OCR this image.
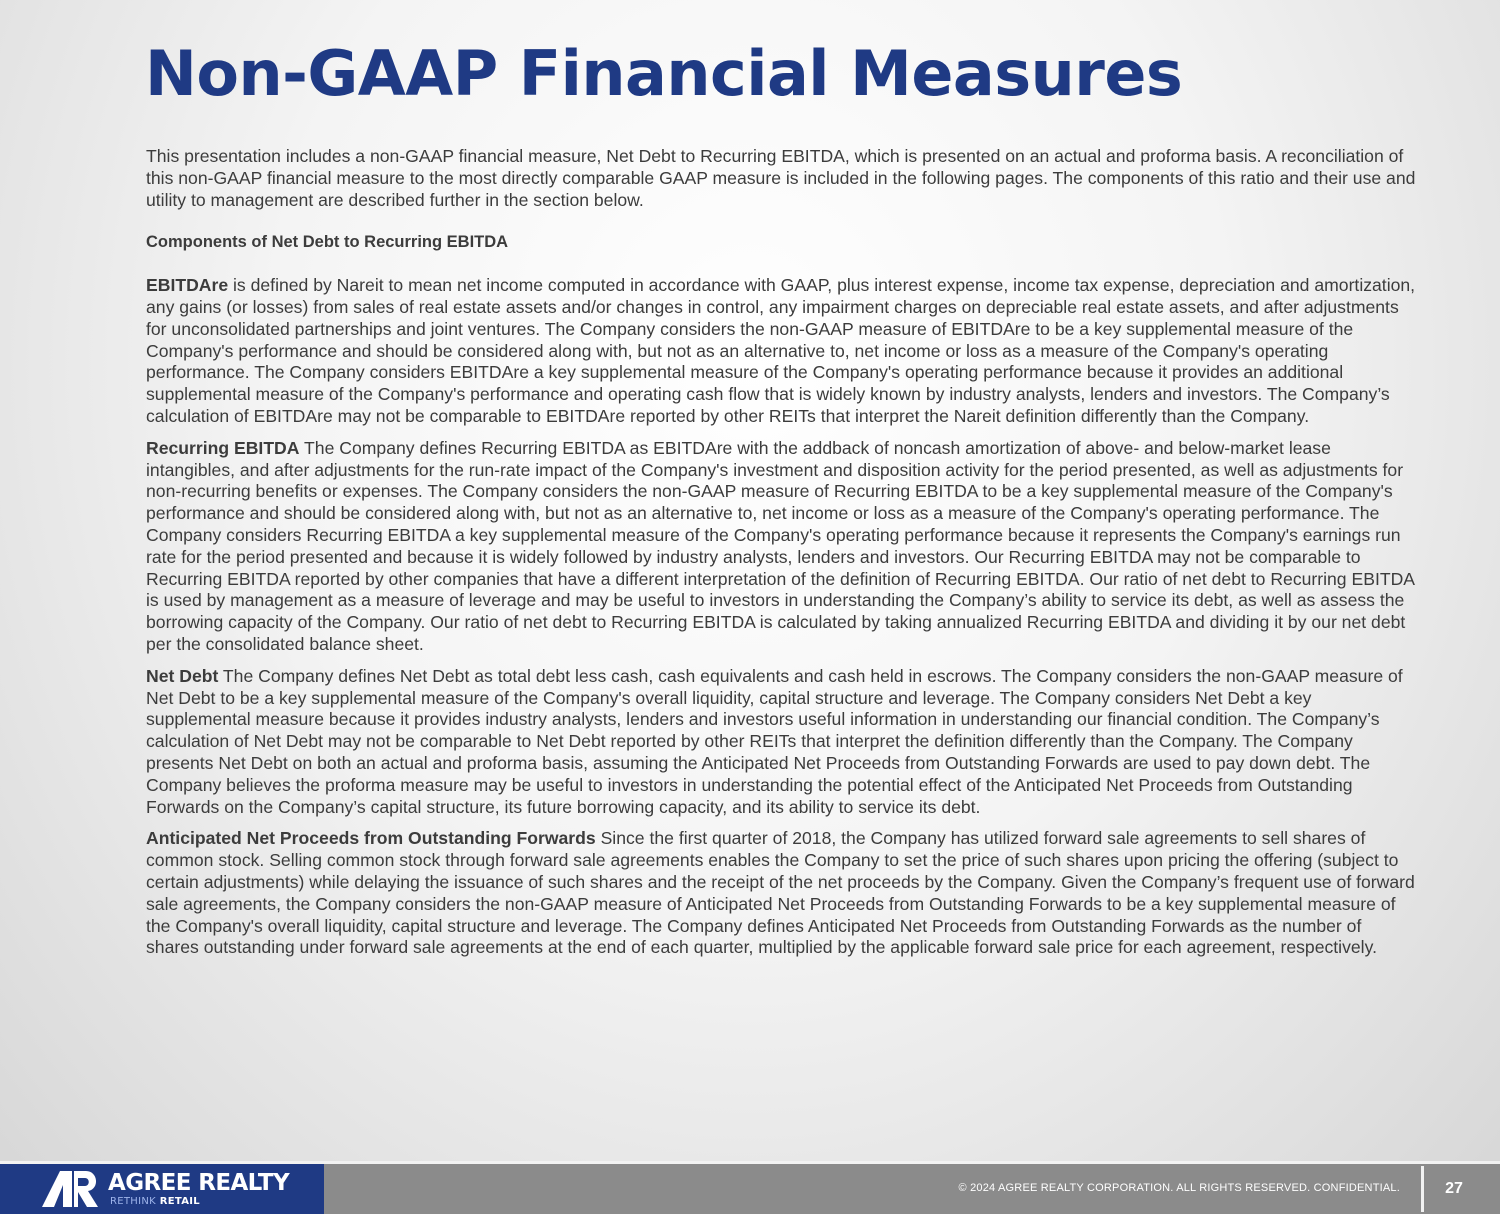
Non-GAAP Financial Measures

This presentation includes a non-GAAP financial measure, Net Debt to Recurring EBITDA, which is presented on an actual and proforma basis. A reconciliation of this non-GAAP financial measure to the most directly comparable GAAP measure is included in the following pages. The components of this ratio and their use and utility to management are described further in the section below.

Components of Net Debt to Recurring EBITDA

EBITDAre is defined by Nareit to mean net income computed in accordance with GAAP, plus interest expense, income tax expense, depreciation and amortization, any gains (or losses) from sales of real estate assets and/or changes in control, any impairment charges on depreciable real estate assets, and after adjustments for unconsolidated partnerships and joint ventures. The Company considers the non-GAAP measure of EBITDAre to be a key supplemental measure of the Company's performance and should be considered along with, but not as an alternative to, net income or loss as a measure of the Company's operating performance. The Company considers EBITDAre a key supplemental measure of the Company's operating performance because it provides an additional supplemental measure of the Company's performance and operating cash flow that is widely known by industry analysts, lenders and investors. The Company’s calculation of EBITDAre may not be comparable to EBITDAre reported by other REITs that interpret the Nareit definition differently than the Company.

Recurring EBITDA The Company defines Recurring EBITDA as EBITDAre with the addback of noncash amortization of above- and below-market lease intangibles, and after adjustments for the run-rate impact of the Company's investment and disposition activity for the period presented, as well as adjustments for non-recurring benefits or expenses. The Company considers the non-GAAP measure of Recurring EBITDA to be a key supplemental measure of the Company's performance and should be considered along with, but not as an alternative to, net income or loss as a measure of the Company's operating performance. The Company considers Recurring EBITDA a key supplemental measure of the Company's operating performance because it represents the Company's earnings run rate for the period presented and because it is widely followed by industry analysts, lenders and investors. Our Recurring EBITDA may not be comparable to Recurring EBITDA reported by other companies that have a different interpretation of the definition of Recurring EBITDA. Our ratio of net debt to Recurring EBITDA is used by management as a measure of leverage and may be useful to investors in understanding the Company’s ability to service its debt, as well as assess the borrowing capacity of the Company. Our ratio of net debt to Recurring EBITDA is calculated by taking annualized Recurring EBITDA and dividing it by our net debt per the consolidated balance sheet.

Net Debt The Company defines Net Debt as total debt less cash, cash equivalents and cash held in escrows. The Company considers the non-GAAP measure of Net Debt to be a key supplemental measure of the Company's overall liquidity, capital structure and leverage. The Company considers Net Debt a key supplemental measure because it provides industry analysts, lenders and investors useful information in understanding our financial condition. The Company’s calculation of Net Debt may not be comparable to Net Debt reported by other REITs that interpret the definition differently than the Company. The Company presents Net Debt on both an actual and proforma basis, assuming the Anticipated Net Proceeds from Outstanding Forwards are used to pay down debt. The Company believes the proforma measure may be useful to investors in understanding the potential effect of the Anticipated Net Proceeds from Outstanding Forwards on the Company’s capital structure, its future borrowing capacity, and its ability to service its debt.

Anticipated Net Proceeds from Outstanding Forwards Since the first quarter of 2018, the Company has utilized forward sale agreements to sell shares of common stock. Selling common stock through forward sale agreements enables the Company to set the price of such shares upon pricing the offering (subject to certain adjustments) while delaying the issuance of such shares and the receipt of the net proceeds by the Company. Given the Company’s frequent use of forward sale agreements, the Company considers the non-GAAP measure of Anticipated Net Proceeds from Outstanding Forwards to be a key supplemental measure of the Company's overall liquidity, capital structure and leverage. The Company defines Anticipated Net Proceeds from Outstanding Forwards as the number of shares outstanding under forward sale agreements at the end of each quarter, multiplied by the applicable forward sale price for each agreement, respectively.

AGREE REALTY
RETHINK RETAIL
© 2024 AGREE REALTY CORPORATION. ALL RIGHTS RESERVED. CONFIDENTIAL.	27
